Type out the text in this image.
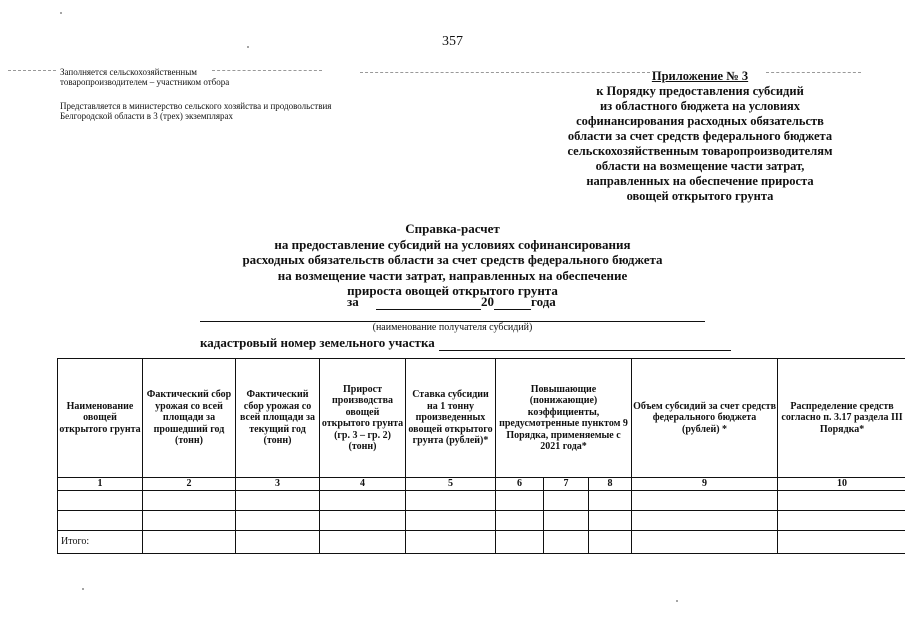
357
Заполняется сельскохозяйственным
товаропроизводителем – участником отбора
Представляется в министерство сельского хозяйства и продовольствия
Белгородской области в 3 (трех) экземплярах
Приложение № 3
к Порядку предоставления субсидий
из областного бюджета на условиях
софинансирования расходных обязательств
области за счет средств федерального бюджета
сельскохозяйственным товаропроизводителям
области на возмещение части затрат,
направленных на обеспечение прироста
овощей открытого грунта
Справка-расчет
на предоставление субсидий на условиях софинансирования
расходных обязательств области за счет средств федерального бюджета
на возмещение части затрат, направленных на обеспечение
прироста овощей открытого грунта
за	20	года
(наименование получателя субсидий)
кадастровый номер земельного участка
Наименование овощей открытого грунта	Фактический сбор урожая со всей площади за прошедший год (тонн)	Фактический сбор урожая со всей площади за текущий год (тонн)	Прирост производства овощей открытого грунта (гр. 3 – гр. 2) (тонн)	Ставка субсидии на 1 тонну произведенных овощей открытого грунта (рублей)*	Повышающие (понижающие) коэффициенты, предусмотренные пунктом 9 Порядка, применяемые с 2021 года*			Объем субсидий за счет средств федерального бюджета (рублей) *	Распределение средств согласно п. 3.17 раздела III Порядка*
1	2	3	4	5	6	7	8	9	10

Итого:									
